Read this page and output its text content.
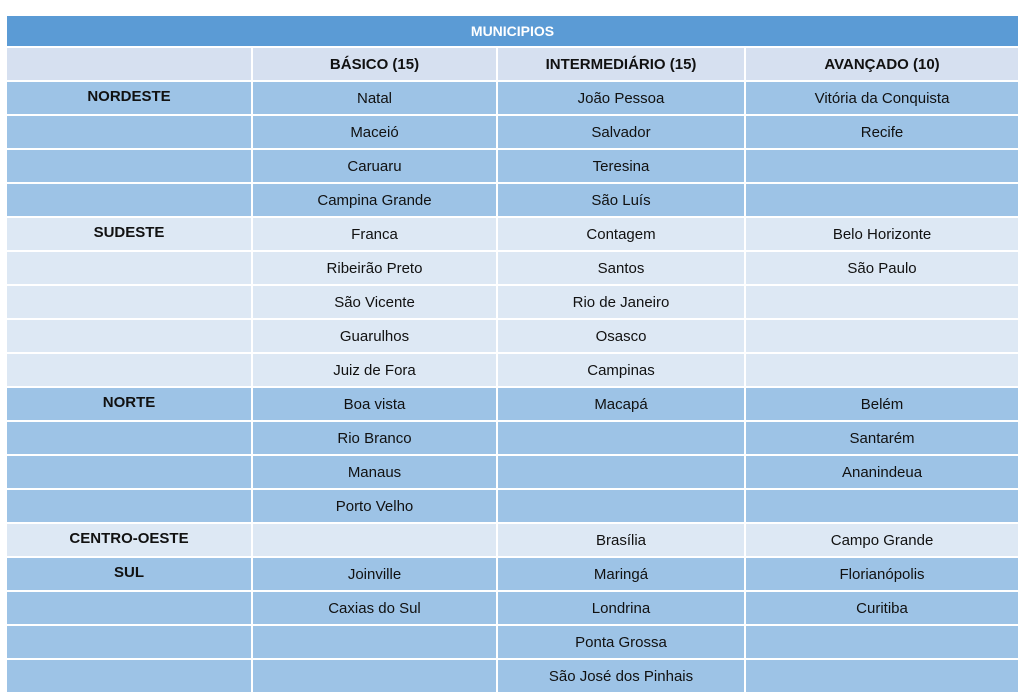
MUNICIPIOS			
	BÁSICO (15)	INTERMEDIÁRIO (15)	AVANÇADO (10)
NORDESTE	Natal	João Pessoa	Vitória da Conquista
	Maceió	Salvador	Recife
	Caruaru	Teresina	
	Campina Grande	São Luís	
SUDESTE	Franca	Contagem	Belo Horizonte
	Ribeirão Preto	Santos	São Paulo
	São Vicente	Rio de Janeiro	
	Guarulhos	Osasco	
	Juiz de Fora	Campinas	
NORTE	Boa vista	Macapá	Belém
	Rio Branco		Santarém
	Manaus		Ananindeua
	Porto Velho		
CENTRO-OESTE		Brasília	Campo Grande
SUL	Joinville	Maringá	Florianópolis
	Caxias do Sul	Londrina	Curitiba
		Ponta Grossa	
		São José dos Pinhais	
